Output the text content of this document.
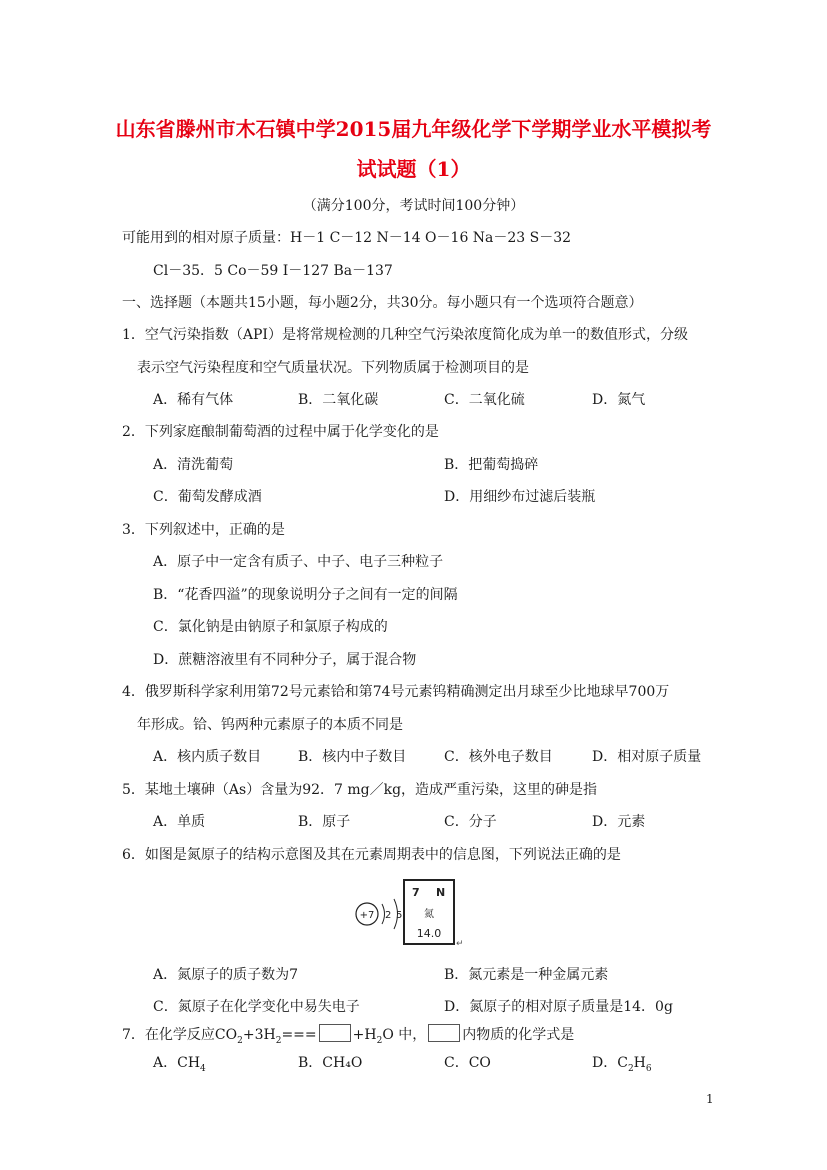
山东省滕州市木石镇中学2015届九年级化学下学期学业水平模拟考
试试题（1）
（满分100分，考试时间100分钟）
可能用到的相对原子质量：H－1 C－12 N－14 O－16 Na－23 S－32
Cl－35．5 Co－59 I－127 Ba－137
一、选择题（本题共15小题，每小题2分，共30分。每小题只有一个选项符合题意）
1．空气污染指数（API）是将常规检测的几种空气污染浓度简化成为单一的数值形式，分级
表示空气污染程度和空气质量状况。下列物质属于检测项目的是
A．稀有气体	B．二氧化碳	C．二氧化硫	D．氮气
2．下列家庭酿制葡萄酒的过程中属于化学变化的是
A．清洗葡萄	B．把葡萄捣碎
C．葡萄发酵成酒	D．用细纱布过滤后装瓶
3．下列叙述中，正确的是
A．原子中一定含有质子、中子、电子三种粒子
B．“花香四溢”的现象说明分子之间有一定的间隔
C．氯化钠是由钠原子和氯原子构成的
D．蔗糖溶液里有不同种分子，属于混合物
4．俄罗斯科学家利用第72号元素铪和第74号元素钨精确测定出月球至少比地球早700万
年形成。铪、钨两种元素原子的本质不同是
A．核内质子数目	B．核内中子数目	C．核外电子数目	D．相对原子质量
5．某地土壤砷（As）含量为92．7 mg／kg，造成严重污染，这里的砷是指
A．单质	B．原子	C．分子	D．元素
6．如图是氮原子的结构示意图及其在元素周期表中的信息图，下列说法正确的是
+7 2 5
7 N
氮
14.0
↵
A．氮原子的质子数为7	B．氮元素是一种金属元素
C．氮原子在化学变化中易失电子	D．氮原子的相对原子质量是14．0g
7．在化学反应$CO_2+3H_2===$	$+H_2O$ 中，	内物质的化学式是
A．$CH_4$	B．CH₄O	C．CO	D．$C_2H_6$
1
